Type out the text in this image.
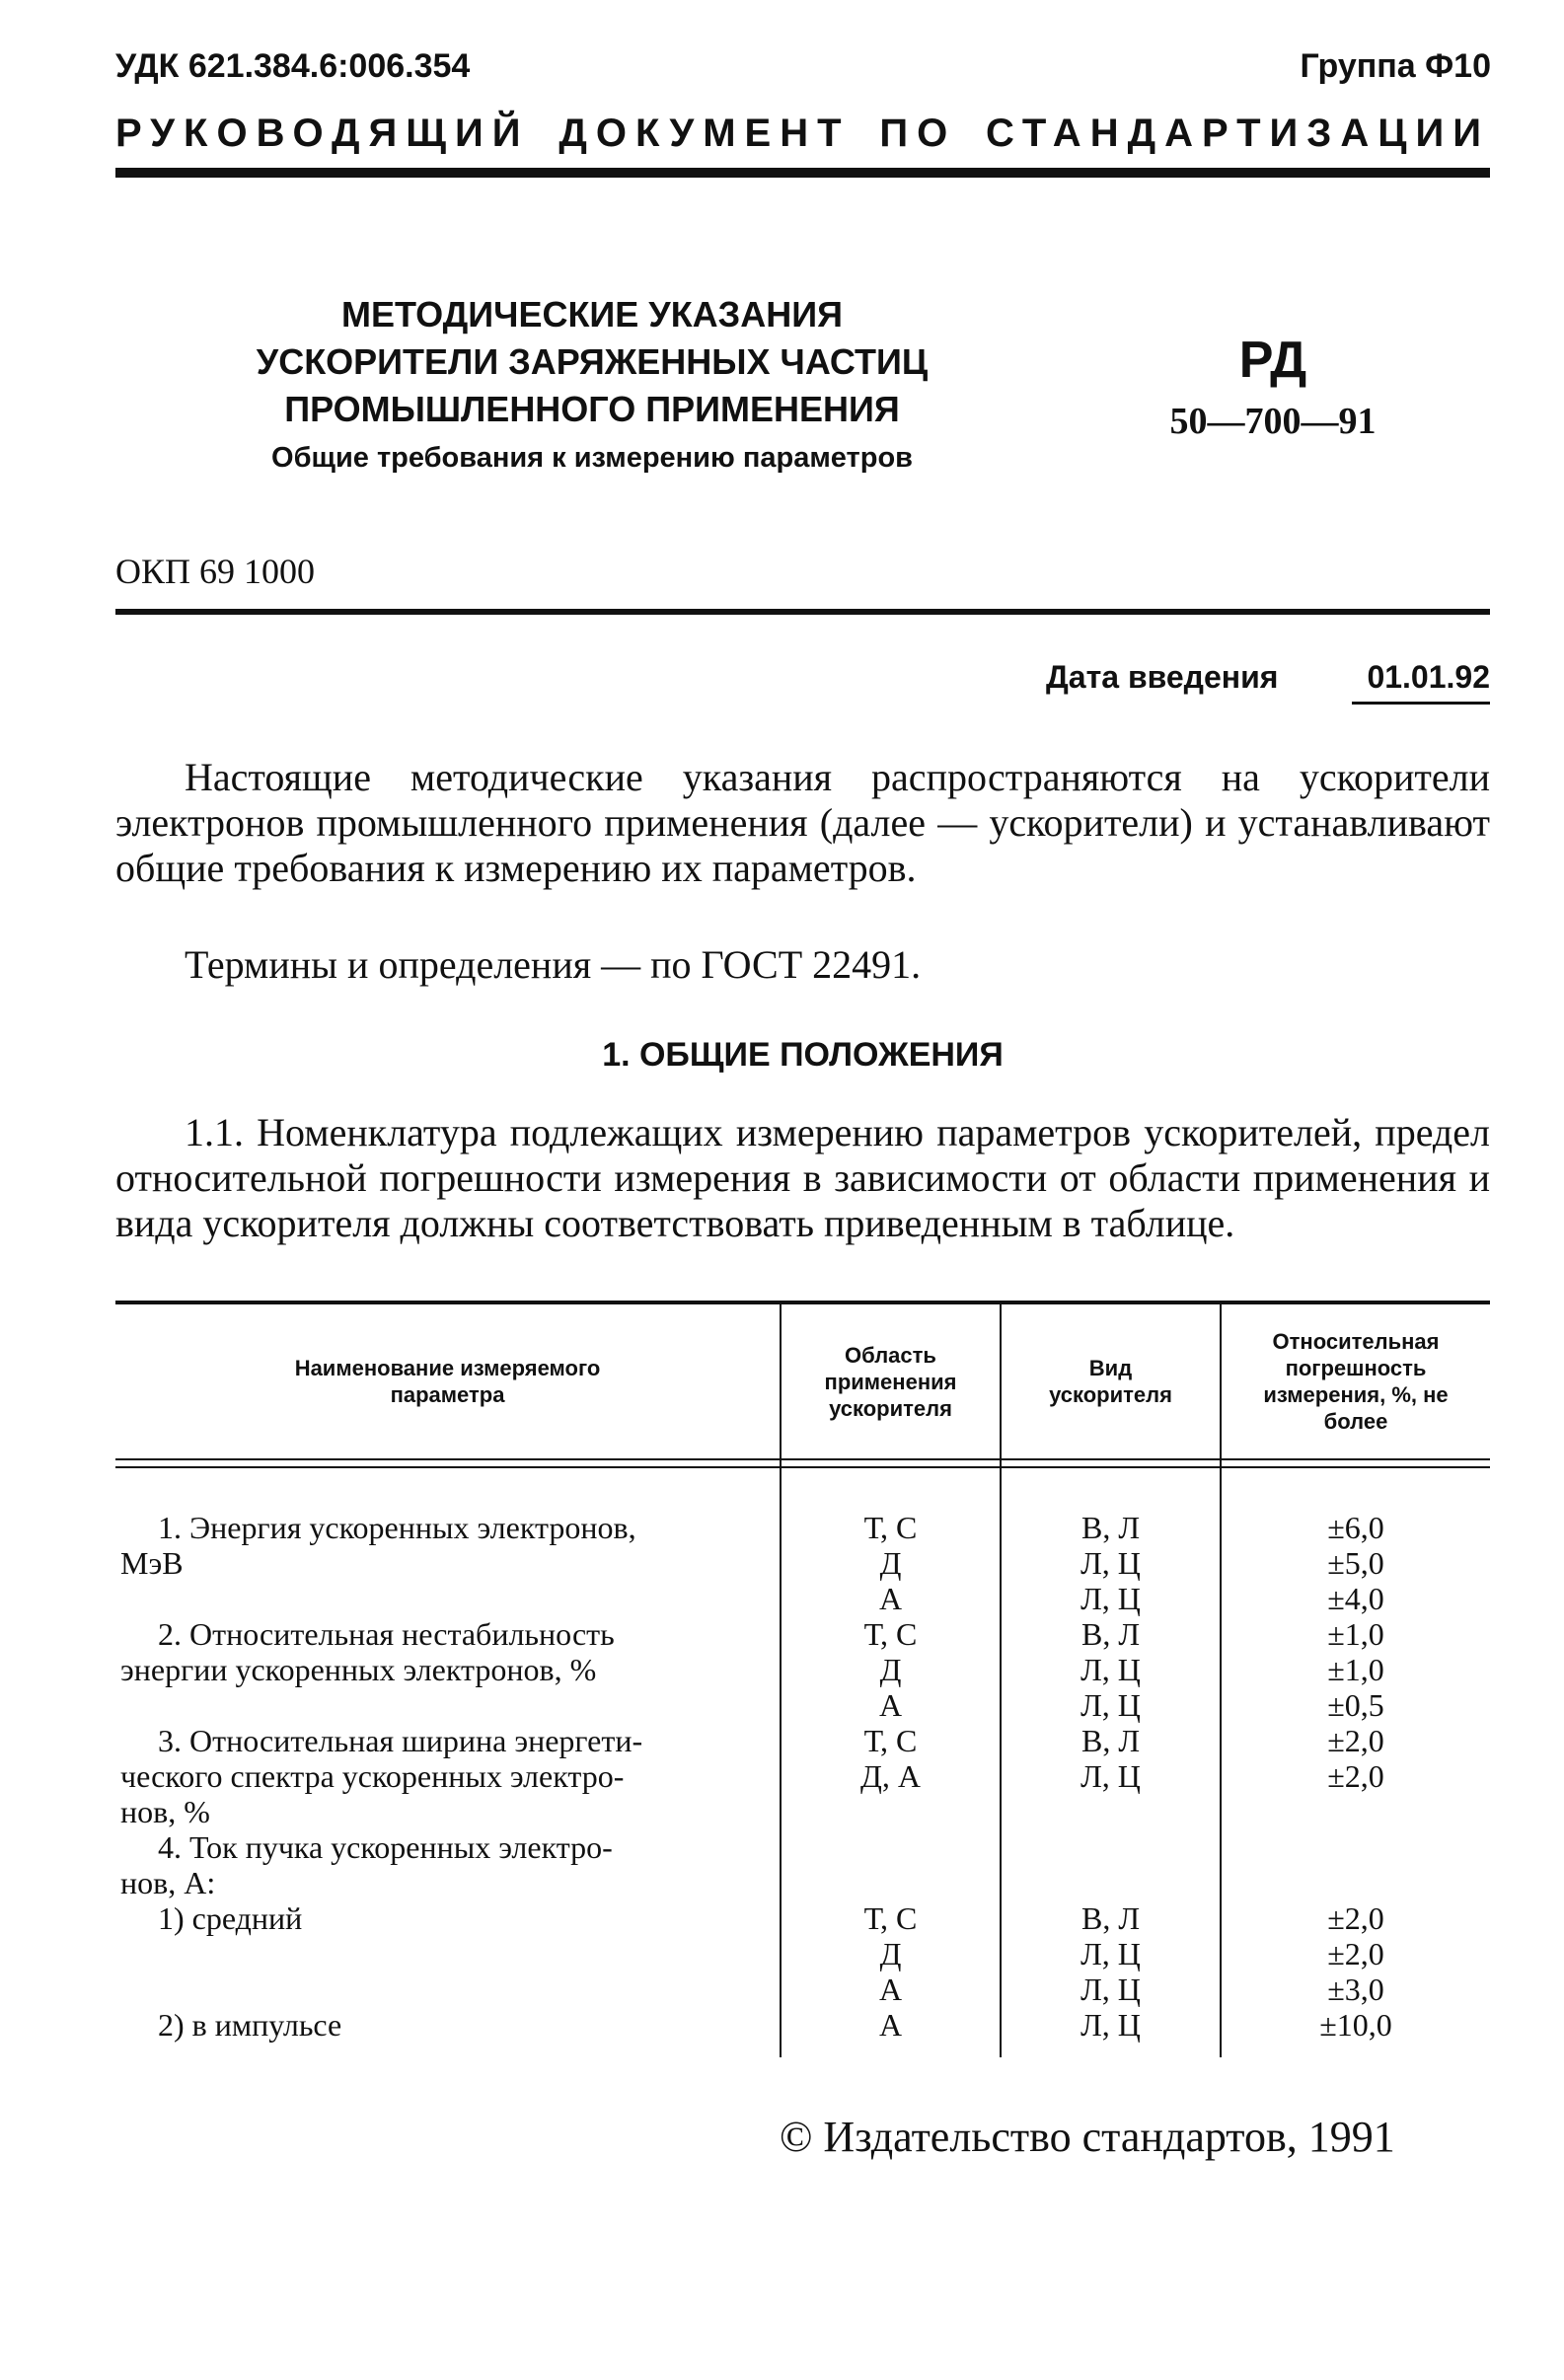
УДК 621.384.6:006.354	Группа Ф10
РУКОВОДЯЩИЙ ДОКУМЕНТ ПО СТАНДАРТИЗАЦИИ
МЕТОДИЧЕСКИЕ УКАЗАНИЯ
УСКОРИТЕЛИ ЗАРЯЖЕННЫХ ЧАСТИЦ
ПРОМЫШЛЕННОГО ПРИМЕНЕНИЯ
Общие требования к измерению параметров
РД
50—700—91
ОКП 69 1000
Дата введения	01.01.92

Настоящие методические указания распространяются на ускорители электронов промышленного применения (далее — ускорители) и устанавливают общие требования к измерению их параметров.

Термины и определения — по ГОСТ 22491.

1. ОБЩИЕ ПОЛОЖЕНИЯ

1.1. Номенклатура подлежащих измерению параметров ускорителей, предел относительной погрешности измерения в зависимости от области применения и вида ускорителя должны соответствовать приведенным в таблице.

Наименование измеряемого параметра
Область применения ускорителя
Вид ускорителя
Относительная погрешность измерения, %, не более
1. Энергия ускоренных электронов,
МэВ
Т, С
Д
А
В, Л
Л, Ц
Л, Ц
±6,0
±5,0
±4,0
2. Относительная нестабильность
энергии ускоренных электронов, %
Т, С
Д
А
В, Л
Л, Ц
Л, Ц
±1,0
±1,0
±0,5
3. Относительная ширина энергети-
ческого спектра ускоренных электро-
нов, %
Т, С
Д, А
В, Л
Л, Ц
±2,0
±2,0
4. Ток пучка ускоренных электро-
нов, А:
1) средний
2) в импульсе
Т, С
Д
А
А
В, Л
Л, Ц
Л, Ц
Л, Ц
±2,0
±2,0
±3,0
±10,0
© Издательство стандартов, 1991
